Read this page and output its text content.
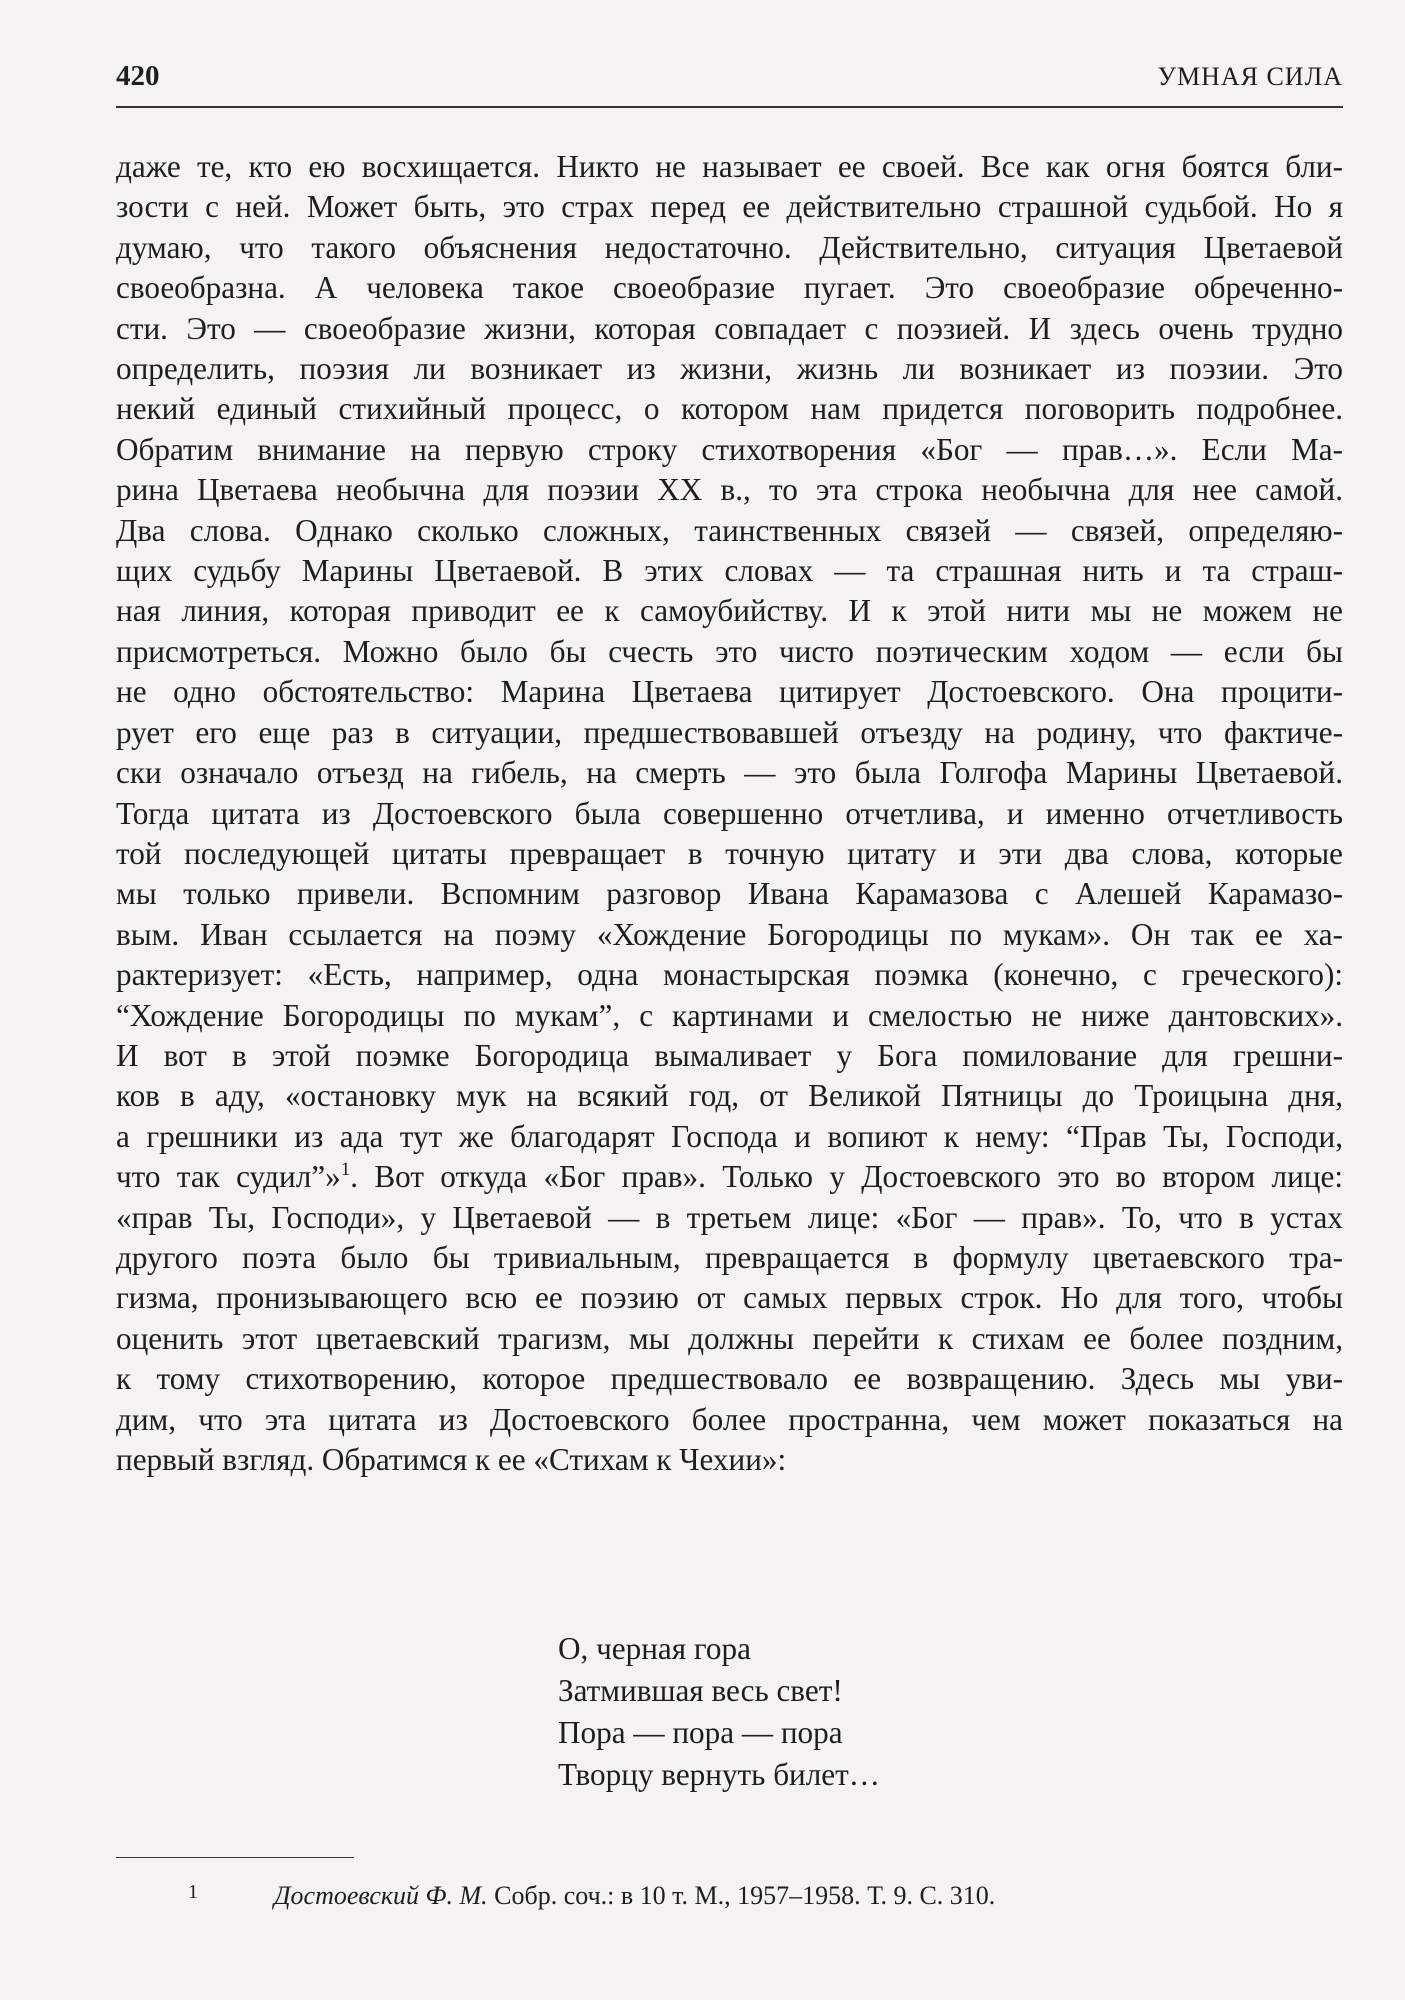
420	УМНАЯ СИЛА
даже те, кто ею восхищается. Никто не называет ее своей. Все как огня боятся бли-
зости с ней. Может быть, это страх перед ее действительно страшной судьбой. Но я
думаю, что такого объяснения недостаточно. Действительно, ситуация Цветаевой
своеобразна. А человека такое своеобразие пугает. Это своеобразие обреченно-
сти. Это — своеобразие жизни, которая совпадает с поэзией. И здесь очень трудно
определить, поэзия ли возникает из жизни, жизнь ли возникает из поэзии. Это
некий единый стихийный процесс, о котором нам придется поговорить подробнее.
Обратим внимание на первую строку стихотворения «Бог — прав…». Если Ма-
рина Цветаева необычна для поэзии XX в., то эта строка необычна для нее самой.
Два слова. Однако сколько сложных, таинственных связей — связей, определяю-
щих судьбу Марины Цветаевой. В этих словах — та страшная нить и та страш-
ная линия, которая приводит ее к самоубийству. И к этой нити мы не можем не
присмотреться. Можно было бы счесть это чисто поэтическим ходом — если бы
не одно обстоятельство: Марина Цветаева цитирует Достоевского. Она процити-
рует его еще раз в ситуации, предшествовавшей отъезду на родину, что фактиче-
ски означало отъезд на гибель, на смерть — это была Голгофа Марины Цветаевой.
Тогда цитата из Достоевского была совершенно отчетлива, и именно отчетливость
той последующей цитаты превращает в точную цитату и эти два слова, которые
мы только привели. Вспомним разговор Ивана Карамазова с Алешей Карамазо-
вым. Иван ссылается на поэму «Хождение Богородицы по мукам». Он так ее ха-
рактеризует: «Есть, например, одна монастырская поэмка (конечно, с греческого):
“Хождение Богородицы по мукам”, с картинами и смелостью не ниже дантовских».
И вот в этой поэмке Богородица вымаливает у Бога помилование для грешни-
ков в аду, «остановку мук на всякий год, от Великой Пятницы до Троицына дня,
а грешники из ада тут же благодарят Господа и вопиют к нему: “Прав Ты, Господи,
что так судил”»$^1$. Вот откуда «Бог прав». Только у Достоевского это во втором лице:
«прав Ты, Господи», у Цветаевой — в третьем лице: «Бог — прав». То, что в устах
другого поэта было бы тривиальным, превращается в формулу цветаевского тра-
гизма, пронизывающего всю ее поэзию от самых первых строк. Но для того, чтобы
оценить этот цветаевский трагизм, мы должны перейти к стихам ее более поздним,
к тому стихотворению, которое предшествовало ее возвращению. Здесь мы уви-
дим, что эта цитата из Достоевского более пространна, чем может показаться на
первый взгляд. Обратимся к ее «Стихам к Чехии»:
О, черная гора
Затмившая весь свет!
Пора — пора — пора
Творцу вернуть билет…
1	Достоевский Ф. М. Собр. соч.: в 10 т. М., 1957–1958. Т. 9. С. 310.
